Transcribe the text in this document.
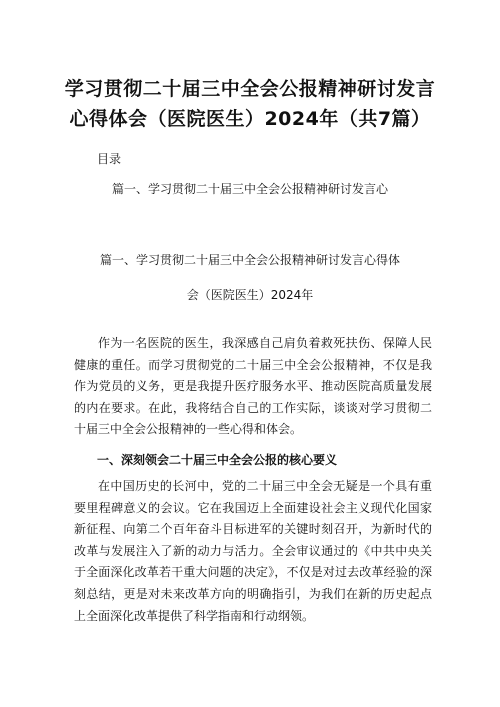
学习贯彻二十届三中全会公报精神研讨发言心得体会（医院医生）2024年（共7篇）
目录
篇一、学习贯彻二十届三中全会公报精神研讨发言心
篇一、学习贯彻二十届三中全会公报精神研讨发言心得体
会（医院医生）2024年

作为一名医院的医生，我深感自己肩负着救死扶伤、保障人民健康的重任。而学习贯彻党的二十届三中全会公报精神，不仅是我作为党员的义务，更是我提升医疗服务水平、推动医院高质量发展的内在要求。在此，我将结合自己的工作实际，谈谈对学习贯彻二十届三中全会公报精神的一些心得和体会。

一、深刻领会二十届三中全会公报的核心要义

在中国历史的长河中，党的二十届三中全会无疑是一个具有重要里程碑意义的会议。它在我国迈上全面建设社会主义现代化国家新征程、向第二个百年奋斗目标进军的关键时刻召开，为新时代的改革与发展注入了新的动力与活力。全会审议通过的《中共中央关于全面深化改革若干重大问题的决定》，不仅是对过去改革经验的深刻总结，更是对未来改革方向的明确指引，为我们在新的历史起点上全面深化改革提供了科学指南和行动纲领。
